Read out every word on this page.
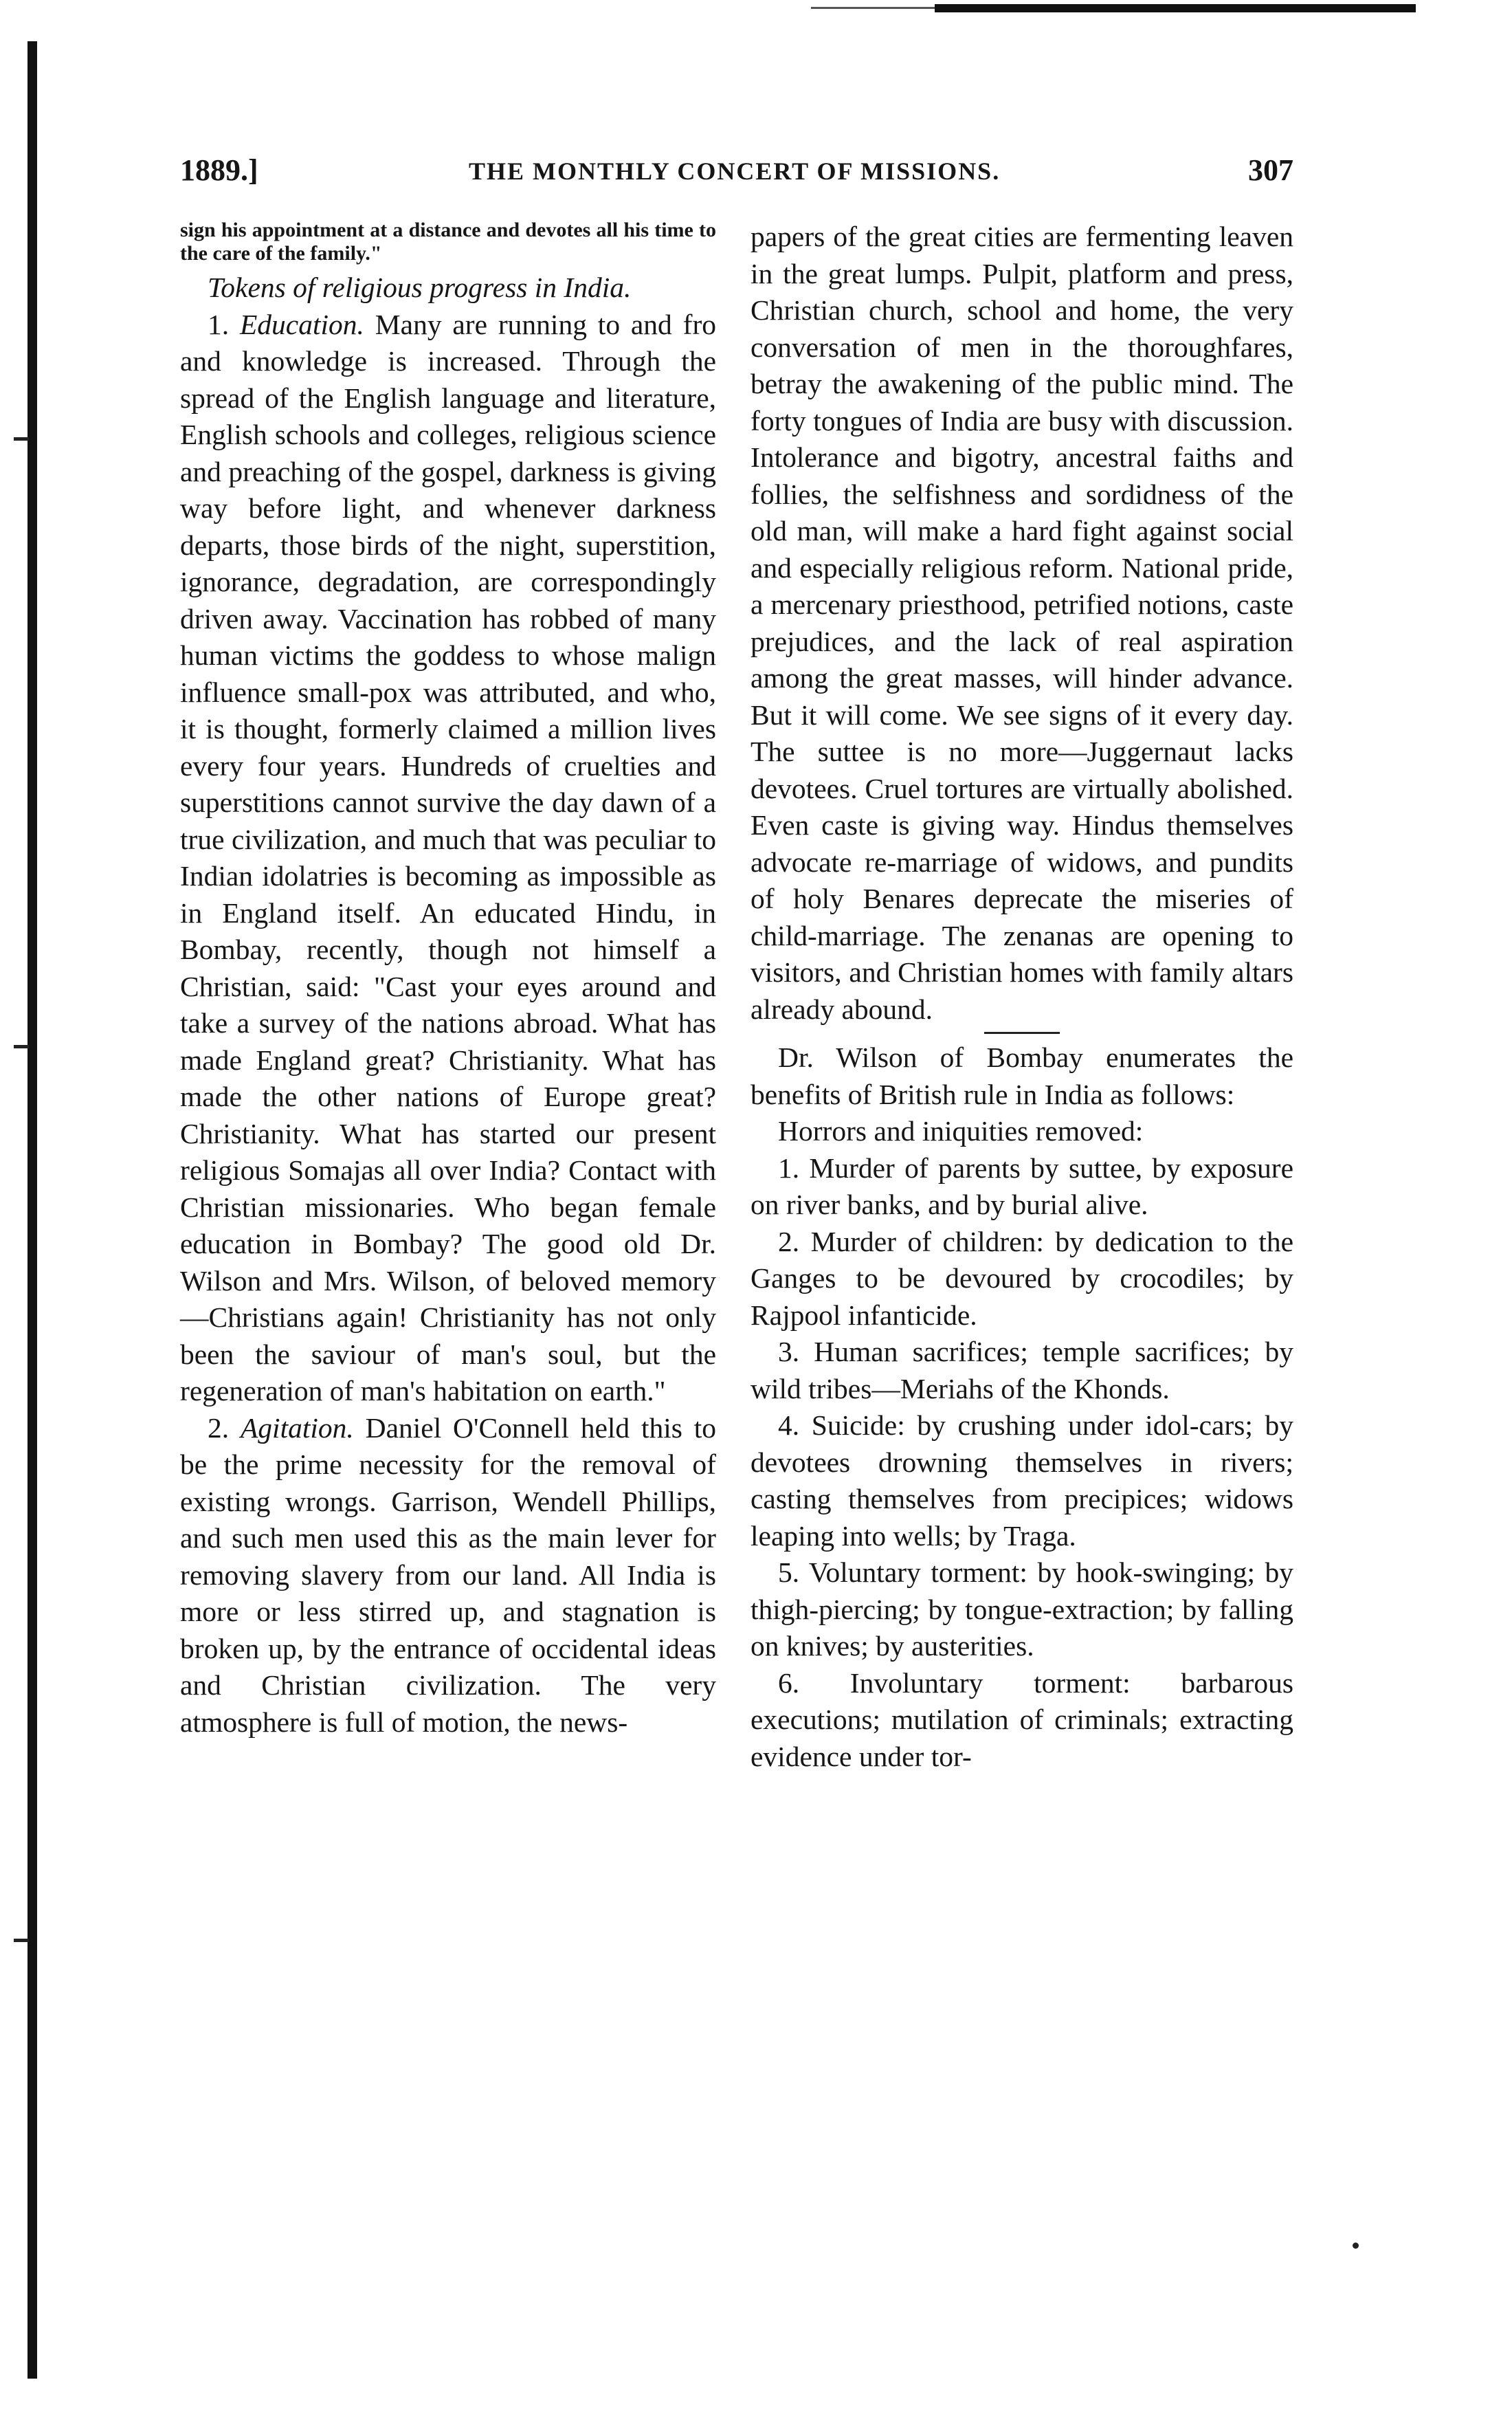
1889.]	THE MONTHLY CONCERT OF MISSIONS.	307

sign his appointment at a distance and devotes all his time to the care of the family."

Tokens of religious progress in India.

1. Education. Many are running to and fro and knowledge is increased. Through the spread of the English language and literature, English schools and colleges, religious science and preaching of the gospel, darkness is giving way before light, and whenever darkness departs, those birds of the night, superstition, ignorance, degradation, are correspondingly driven away. Vaccination has robbed of many human victims the goddess to whose malign influence small-pox was attributed, and who, it is thought, formerly claimed a million lives every four years. Hundreds of cruelties and superstitions cannot survive the day dawn of a true civilization, and much that was peculiar to Indian idolatries is becoming as impossible as in England itself. An educated Hindu, in Bombay, recently, though not himself a Christian, said: "Cast your eyes around and take a survey of the nations abroad. What has made England great? Christianity. What has made the other nations of Europe great? Christianity. What has started our present religious Somajas all over India? Contact with Christian missionaries. Who began female education in Bombay? The good old Dr. Wilson and Mrs. Wilson, of beloved memory—Christians again! Christianity has not only been the saviour of man's soul, but the regeneration of man's habitation on earth."

2. Agitation. Daniel O'Connell held this to be the prime necessity for the removal of existing wrongs. Garrison, Wendell Phillips, and such men used this as the main lever for removing slavery from our land. All India is more or less stirred up, and stagnation is broken up, by the entrance of occidental ideas and Christian civilization. The very atmosphere is full of motion, the news-

papers of the great cities are fermenting leaven in the great lumps. Pulpit, platform and press, Christian church, school and home, the very conversation of men in the thoroughfares, betray the awakening of the public mind. The forty tongues of India are busy with discussion. Intolerance and bigotry, ancestral faiths and follies, the selfishness and sordidness of the old man, will make a hard fight against social and especially religious reform. National pride, a mercenary priesthood, petrified notions, caste prejudices, and the lack of real aspiration among the great masses, will hinder advance. But it will come. We see signs of it every day. The suttee is no more—Juggernaut lacks devotees. Cruel tortures are virtually abolished. Even caste is giving way. Hindus themselves advocate re-marriage of widows, and pundits of holy Benares deprecate the miseries of child-marriage. The zenanas are opening to visitors, and Christian homes with family altars already abound.

Dr. Wilson of Bombay enumerates the benefits of British rule in India as follows:

Horrors and iniquities removed:

1. Murder of parents by suttee, by exposure on river banks, and by burial alive.

2. Murder of children: by dedication to the Ganges to be devoured by crocodiles; by Rajpool infanticide.

3. Human sacrifices; temple sacrifices; by wild tribes—Meriahs of the Khonds.

4. Suicide: by crushing under idol-cars; by devotees drowning themselves in rivers; casting themselves from precipices; widows leaping into wells; by Traga.

5. Voluntary torment: by hook-swinging; by thigh-piercing; by tongue-extraction; by falling on knives; by austerities.

6. Involuntary torment: barbarous executions; mutilation of criminals; extracting evidence under tor-
